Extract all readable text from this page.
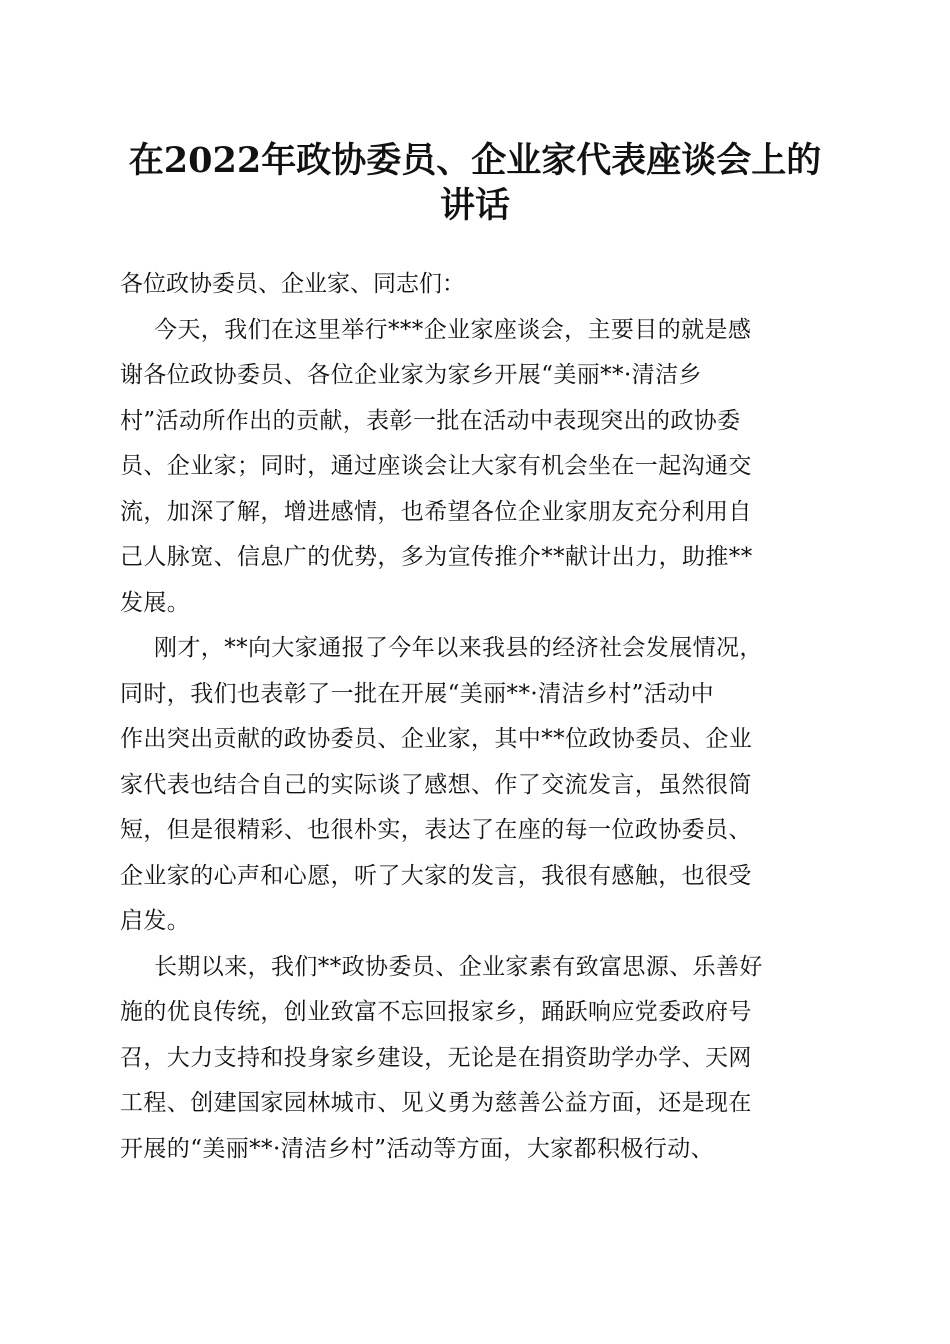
在2022年政协委员、企业家代表座谈会上的
讲话

各位政协委员、企业家、同志们：

今天，我们在这里举行***企业家座谈会，主要目的就是感
谢各位政协委员、各位企业家为家乡开展“美丽**·清洁乡
村”活动所作出的贡献，表彰一批在活动中表现突出的政协委
员、企业家；同时，通过座谈会让大家有机会坐在一起沟通交
流，加深了解，增进感情，也希望各位企业家朋友充分利用自
己人脉宽、信息广的优势，多为宣传推介**献计出力，助推**
发展。
刚才，**向大家通报了今年以来我县的经济社会发展情况，
同时，我们也表彰了一批在开展“美丽**·清洁乡村”活动中
作出突出贡献的政协委员、企业家，其中**位政协委员、企业
家代表也结合自己的实际谈了感想、作了交流发言，虽然很简
短，但是很精彩、也很朴实，表达了在座的每一位政协委员、
企业家的心声和心愿，听了大家的发言，我很有感触，也很受
启发。
长期以来，我们**政协委员、企业家素有致富思源、乐善好
施的优良传统，创业致富不忘回报家乡，踊跃响应党委政府号
召，大力支持和投身家乡建设，无论是在捐资助学办学、天网
工程、创建国家园林城市、见义勇为慈善公益方面，还是现在
开展的“美丽**·清洁乡村”活动等方面，大家都积极行动、
